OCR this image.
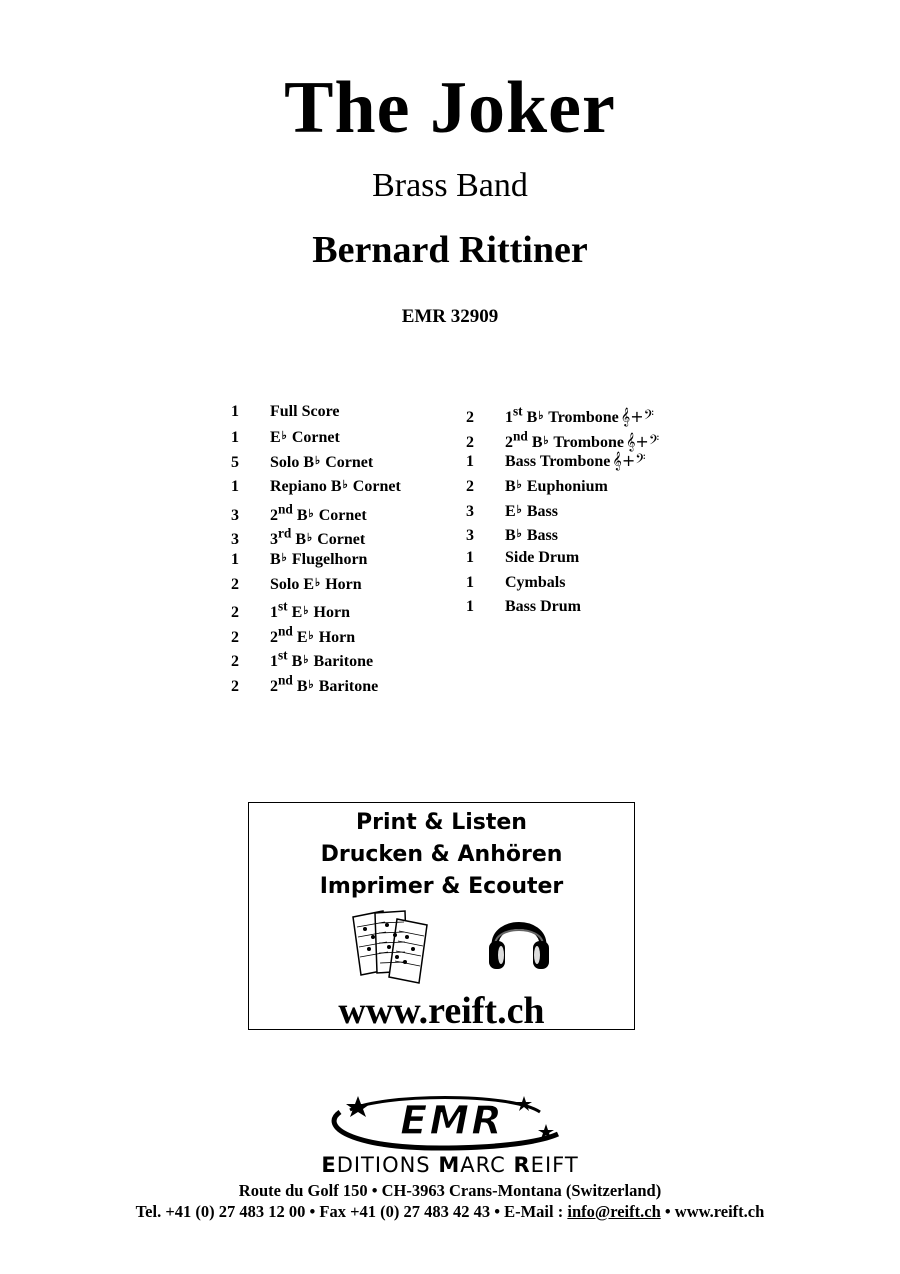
The Joker
Brass Band
Bernard Rittiner
EMR 32909
1 Full Score
1 E♭ Cornet
5 Solo B♭ Cornet
1 Repiano B♭ Cornet
3 2nd B♭ Cornet
3 3rd B♭ Cornet
1 B♭ Flugelhorn
2 Solo E♭ Horn
2 1st E♭ Horn
2 2nd E♭ Horn
2 1st B♭ Baritone
2 2nd B♭ Baritone
2 1st B♭ Trombone 𝄞+𝄢
2 2nd B♭ Trombone 𝄞+𝄢
1 Bass Trombone 𝄞+𝄢
2 B♭ Euphonium
3 E♭ Bass
3 B♭ Bass
1 Side Drum
1 Cymbals
1 Bass Drum
Print & Listen
Drucken & Anhören
Imprimer & Ecouter
www.reift.ch
EMR
EDITIONS MARC REIFT
Route du Golf 150 • CH-3963 Crans-Montana (Switzerland)
Tel. +41 (0) 27 483 12 00 • Fax +41 (0) 27 483 42 43 • E-Mail : info@reift.ch • www.reift.ch
